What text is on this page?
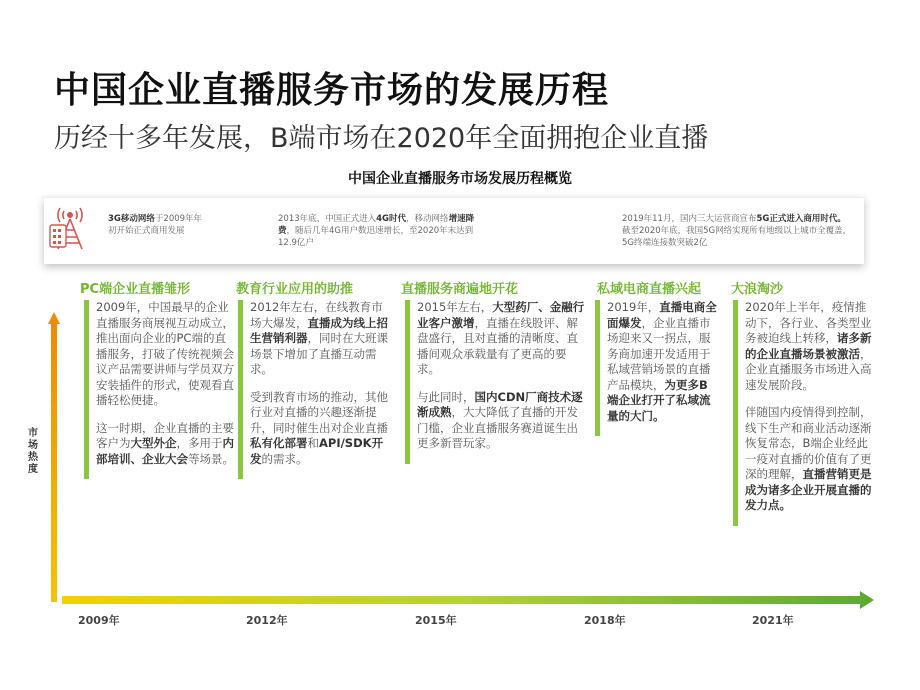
中国企业直播服务市场的发展历程
历经十多年发展，B端市场在2020年全面拥抱企业直播
中国企业直播服务市场发展历程概览
3G移动网络于2009年年初开始正式商用发展
2013年底，中国正式进入4G时代，移动网络增速降费，随后几年4G用户数迅速增长，至2020年末达到12.9亿户
2019年11月，国内三大运营商宣布5G正式进入商用时代。截至2020年底，我国5G网络实现所有地级以上城市全覆盖，5G终端连接数突破2亿
PC端企业直播雏形	教育行业应用的助推	直播服务商遍地开花	私域电商直播兴起 大浪淘沙

2009年，中国最早的企业直播服务商展视互动成立，推出面向企业的PC端的直播服务，打破了传统视频会议产品需要讲师与学员双方安装插件的形式，使观看直播轻松便捷。

这一时期，企业直播的主要客户为大型外企，多用于内部培训、企业大会等场景。

2012年左右，在线教育市场大爆发，直播成为线上招生营销利器，同时在大班课场景下增加了直播互动需求。

受到教育市场的推动，其他行业对直播的兴趣逐渐提升，同时催生出对企业直播私有化部署和API/SDK开发的需求。

2015年左右，大型药厂、金融行业客户激增，直播在线股评、解盘盛行，且对直播的清晰度、直播间观众承载量有了更高的要求。

与此同时，国内CDN厂商技术逐渐成熟，大大降低了直播的开发门槛，企业直播服务赛道诞生出更多新晋玩家。

2019年，直播电商全面爆发，企业直播市场迎来又一拐点，服务商加速开发适用于私域营销场景的直播产品模块，为更多B端企业打开了私域流量的大门。

2020年上半年，疫情推动下，各行业、各类型业务被迫线上转移，诸多新的企业直播场景被激活，企业直播服务市场进入高速发展阶段。

伴随国内疫情得到控制，线下生产和商业活动逐渐恢复常态，B端企业经此一疫对直播的价值有了更深的理解，直播营销更是成为诸多企业开展直播的发力点。

市场热度
2009年	2012年	2015年	2018年	2021年
